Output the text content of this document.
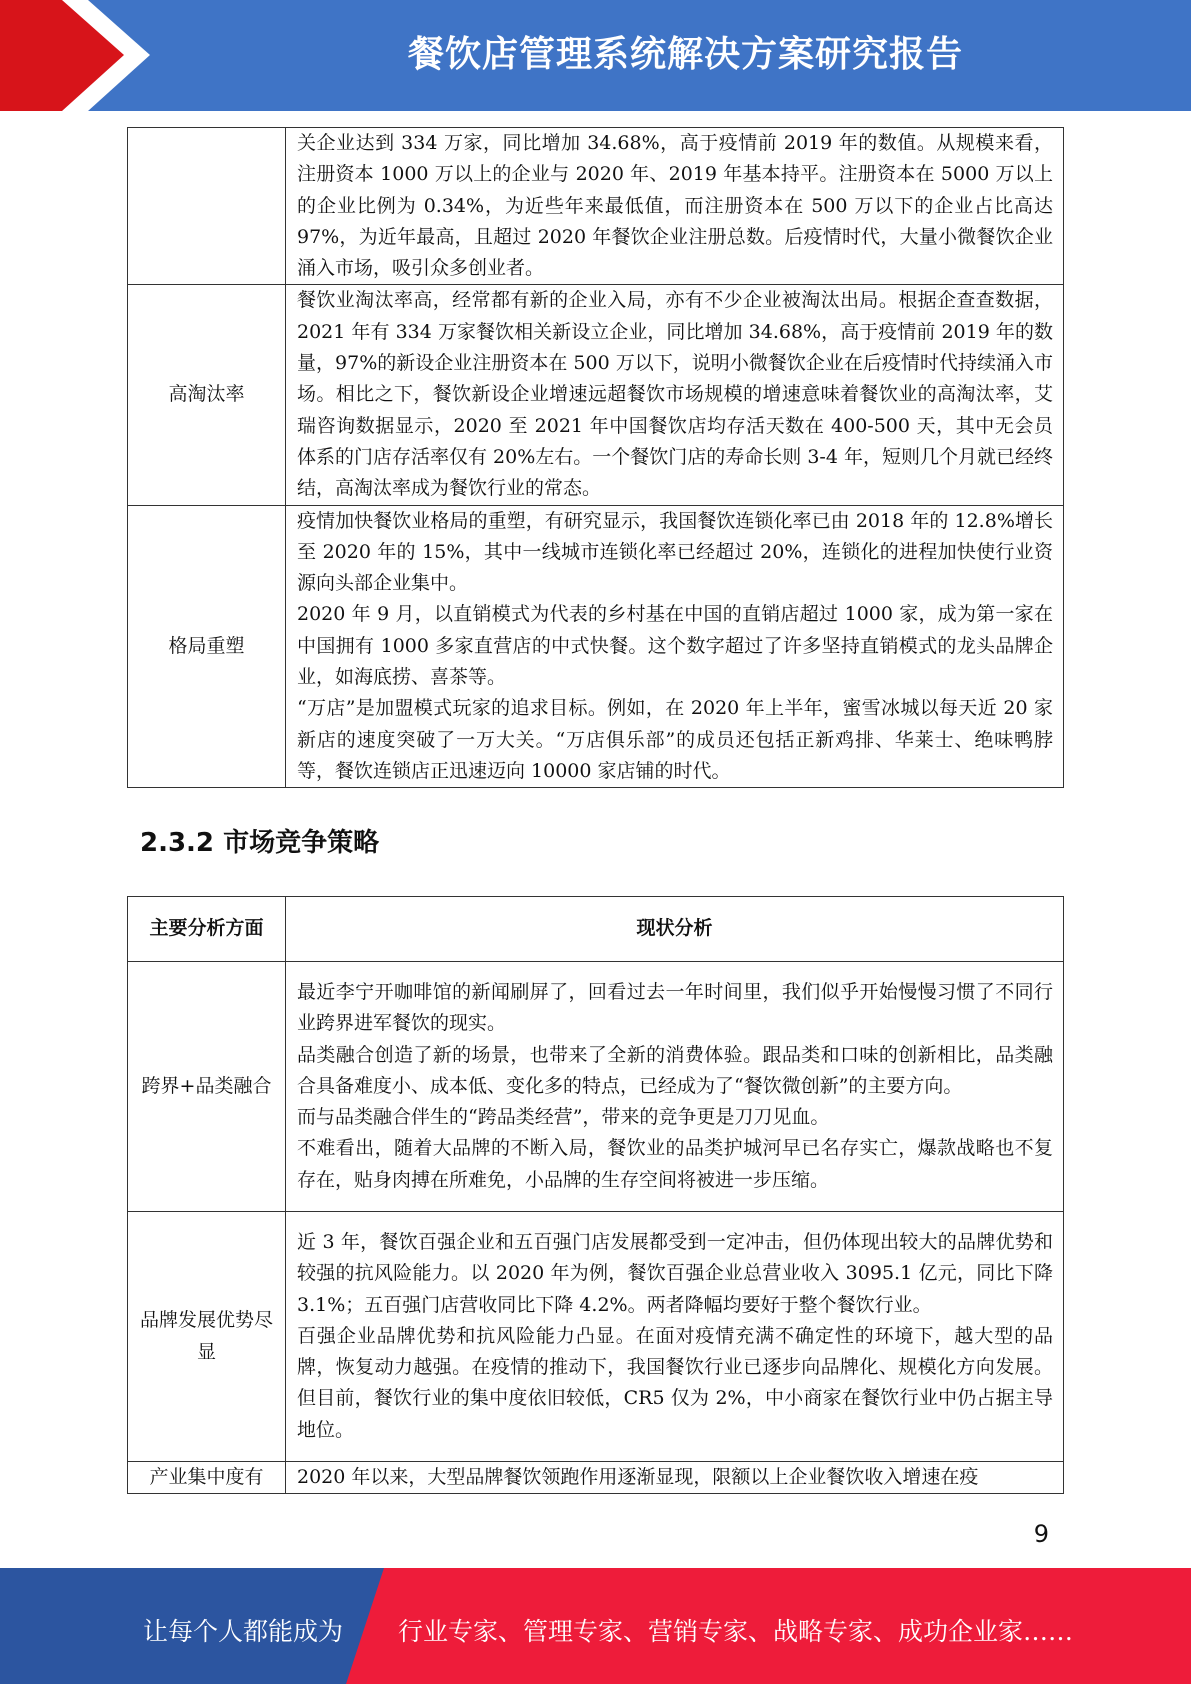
餐饮店管理系统解决方案研究报告

	关企业达到 334 万家，同比增加 34.68%，高于疫情前 2019 年的数值。从规模来看，注册资本 1000 万以上的企业与 2020 年、2019 年基本持平。注册资本在 5000 万以上的企业比例为 0.34%，为近些年来最低值，而注册资本在 500 万以下的企业占比高达 97%，为近年最高，且超过 2020 年餐饮企业注册总数。后疫情时代，大量小微餐饮企业涌入市场，吸引众多创业者。

高淘汰率	餐饮业淘汰率高，经常都有新的企业入局，亦有不少企业被淘汰出局。根据企查查数据，2021 年有 334 万家餐饮相关新设立企业，同比增加 34.68%，高于疫情前 2019 年的数量，97%的新设企业注册资本在 500 万以下，说明小微餐饮企业在后疫情时代持续涌入市场。相比之下，餐饮新设企业增速远超餐饮市场规模的增速意味着餐饮业的高淘汰率，艾瑞咨询数据显示，2020 至 2021 年中国餐饮店均存活天数在 400-500 天，其中无会员体系的门店存活率仅有 20%左右。一个餐饮门店的寿命长则 3-4 年，短则几个月就已经终结，高淘汰率成为餐饮行业的常态。

格局重塑	疫情加快餐饮业格局的重塑，有研究显示，我国餐饮连锁化率已由 2018 年的 12.8%增长至 2020 年的 15%，其中一线城市连锁化率已经超过 20%，连锁化的进程加快使行业资源向头部企业集中。

2020 年 9 月，以直销模式为代表的乡村基在中国的直销店超过 1000 家，成为第一家在中国拥有 1000 多家直营店的中式快餐。这个数字超过了许多坚持直销模式的龙头品牌企业，如海底捞、喜茶等。

“万店”是加盟模式玩家的追求目标。例如，在 2020 年上半年，蜜雪冰城以每天近 20 家新店的速度突破了一万大关。“万店俱乐部”的成员还包括正新鸡排、华莱士、绝味鸭脖等，餐饮连锁店正迅速迈向 10000 家店铺的时代。

2.3.2 市场竞争策略
主要分析方面	现状分析
跨界+品类融合	最近李宁开咖啡馆的新闻刷屏了，回看过去一年时间里，我们似乎开始慢慢习惯了不同行业跨界进军餐饮的现实。

品类融合创造了新的场景，也带来了全新的消费体验。跟品类和口味的创新相比，品类融合具备难度小、成本低、变化多的特点，已经成为了“餐饮微创新”的主要方向。

而与品类融合伴生的“跨品类经营”，带来的竞争更是刀刀见血。

不难看出，随着大品牌的不断入局，餐饮业的品类护城河早已名存实亡，爆款战略也不复存在，贴身肉搏在所难免，小品牌的生存空间将被进一步压缩。

品牌发展优势尽显	近 3 年，餐饮百强企业和五百强门店发展都受到一定冲击，但仍体现出较大的品牌优势和较强的抗风险能力。以 2020 年为例，餐饮百强企业总营业收入 3095.1 亿元，同比下降 3.1%；五百强门店营收同比下降 4.2%。两者降幅均要好于整个餐饮行业。

百强企业品牌优势和抗风险能力凸显。在面对疫情充满不确定性的环境下，越大型的品牌，恢复动力越强。在疫情的推动下，我国餐饮行业已逐步向品牌化、规模化方向发展。但目前，餐饮行业的集中度依旧较低，CR5 仅为 2%，中小商家在餐饮行业中仍占据主导地位。

产业集中度有	2020 年以来，大型品牌餐饮领跑作用逐渐显现，限额以上企业餐饮收入增速在疫

9
让每个人都能成为 行业专家、管理专家、营销专家、战略专家、成功企业家……
